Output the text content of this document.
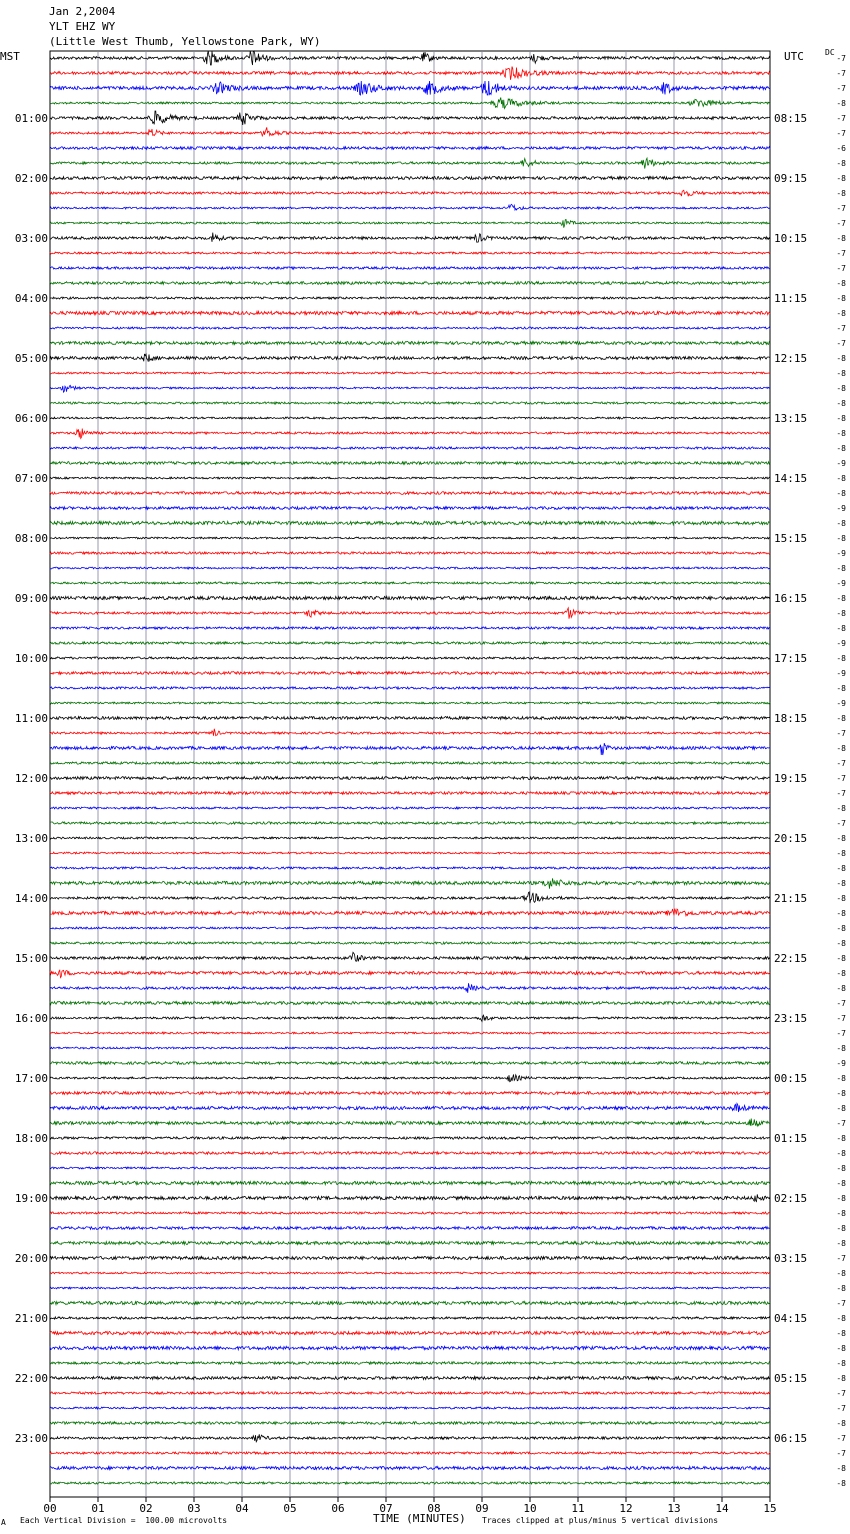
Jan 2,2004
YLT EHZ WY
(Little West Thumb, Yellowstone Park, WY)
MST	UTC	DC
00	01	02	03	04	05	06	07	08	09	10	11	12	13	14	15
-7
-7
-7
-8
-7
-7
-6
-8
-8
-8
-7
-7
-8
-7
-7
-8
-8
-8
-7
-7
-8
-8
-8
-8
-8
-8
-8
-9
-8
-8
-9
-8
-8
-9
-8
-9
-8
-8
-8
-9
-8
-9
-8
-9
-8
-7
-8
-7
-7
-7
-8
-7
-8
-8
-8
-8
-8
-8
-8
-8
-8
-8
-8
-7
-7
-7
-8
-9
-8
-8
-8
-7
-8
-8
-8
-8
-8
-8
-8
-8
-7
-8
-8
-7
-8
-8
-8
-8
-8
-7
-7
-8
-7
-7
-8
-8
01:00
02:00
03:00
04:00
05:00
06:00
07:00
08:00
09:00
10:00
11:00
12:00
13:00
14:00
15:00
16:00
17:00
18:00
19:00
20:00
21:00
22:00
23:00
08:15
09:15
10:15
11:15
12:15
13:15
14:15
15:15
16:15
17:15
18:15
19:15
20:15
21:15
22:15
23:15
00:15
01:15
02:15
03:15
04:15
05:15
06:15
A Each Vertical Division =  100.00 microvolts	TIME (MINUTES) Traces clipped at plus/minus 5 vertical divisions
